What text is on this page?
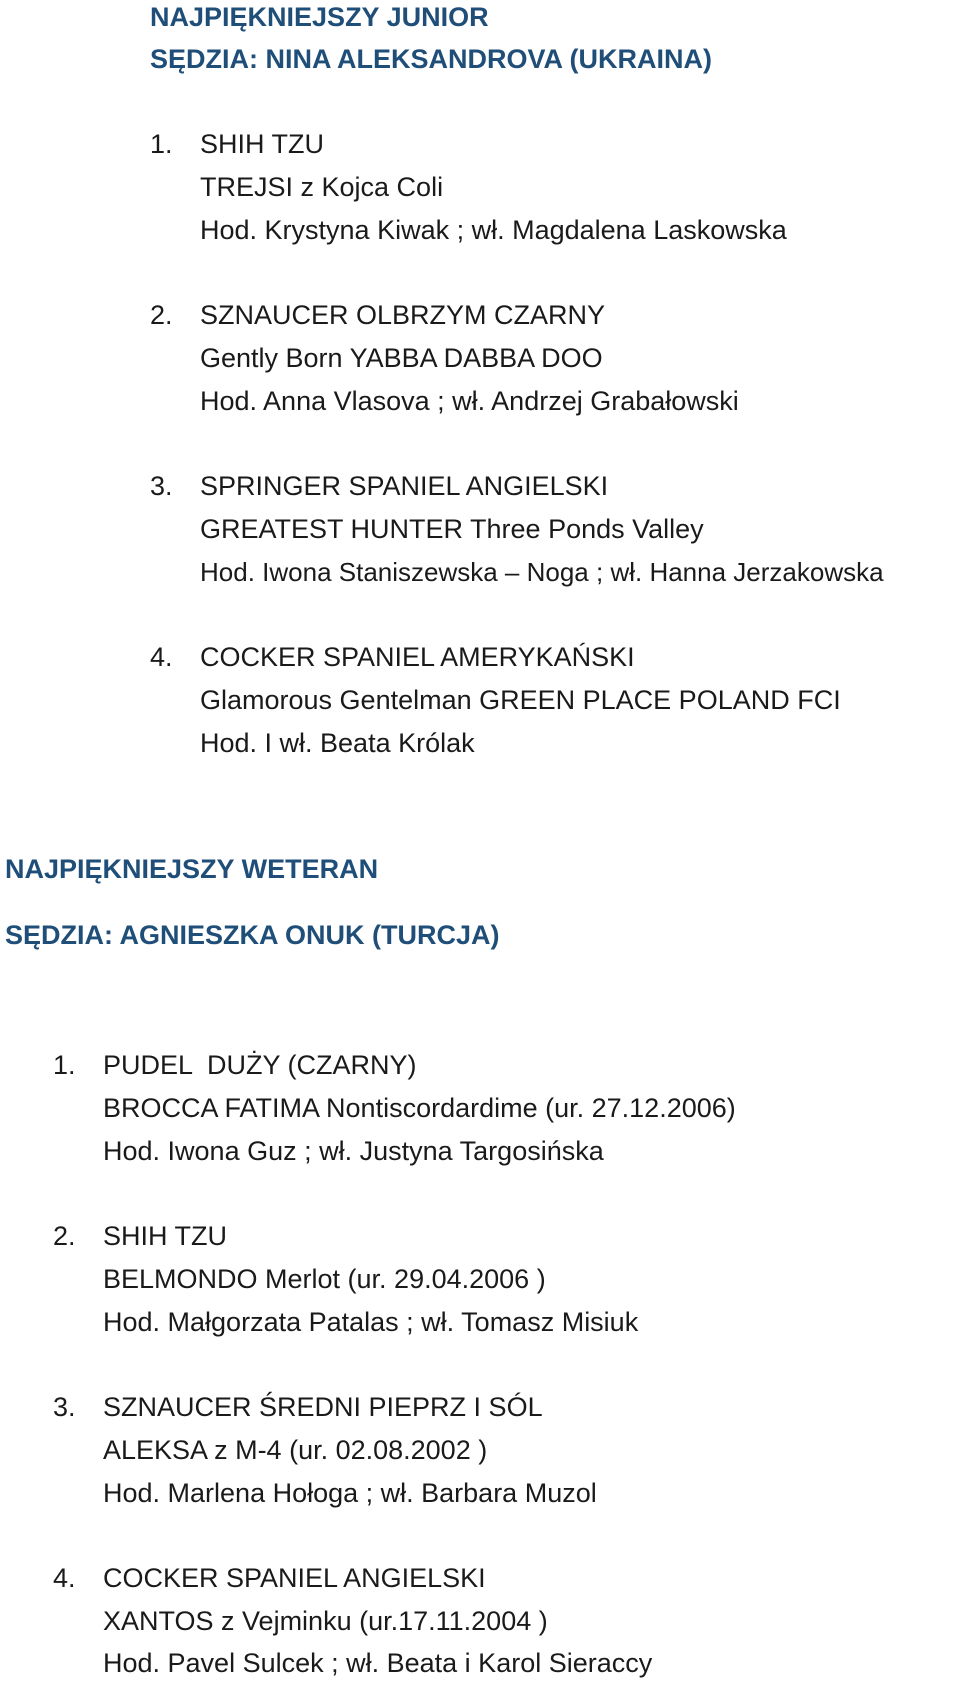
NAJPIĘKNIEJSZY JUNIOR
SĘDZIA: NINA ALEKSANDROVA (UKRAINA)
1. SHIH TZU
TREJSI z Kojca Coli
Hod. Krystyna Kiwak ; wł. Magdalena Laskowska
2. SZNAUCER OLBRZYM CZARNY
Gently Born YABBA DABBA DOO
Hod. Anna Vlasova ; wł. Andrzej Grabałowski
3. SPRINGER SPANIEL ANGIELSKI
GREATEST HUNTER Three Ponds Valley
Hod. Iwona Staniszewska – Noga ; wł. Hanna Jerzakowska
4. COCKER SPANIEL AMERYKAŃSKI
Glamorous Gentelman GREEN PLACE POLAND FCI
Hod. I wł. Beata Królak
NAJPIĘKNIEJSZY WETERAN
SĘDZIA: AGNIESZKA ONUK (TURCJA)
1. PUDEL  DUŻY (CZARNY)
BROCCA FATIMA Nontiscordardime (ur. 27.12.2006)
Hod. Iwona Guz ; wł. Justyna Targosińska
2. SHIH TZU
BELMONDO Merlot (ur. 29.04.2006 )
Hod. Małgorzata Patalas ; wł. Tomasz Misiuk
3. SZNAUCER ŚREDNI PIEPRZ I SÓL
ALEKSA z M-4 (ur. 02.08.2002 )
Hod. Marlena Hołoga ; wł. Barbara Muzol
4. COCKER SPANIEL ANGIELSKI
XANTOS z Vejminku (ur.17.11.2004 )
Hod. Pavel Sulcek ; wł. Beata i Karol Sieraccy
